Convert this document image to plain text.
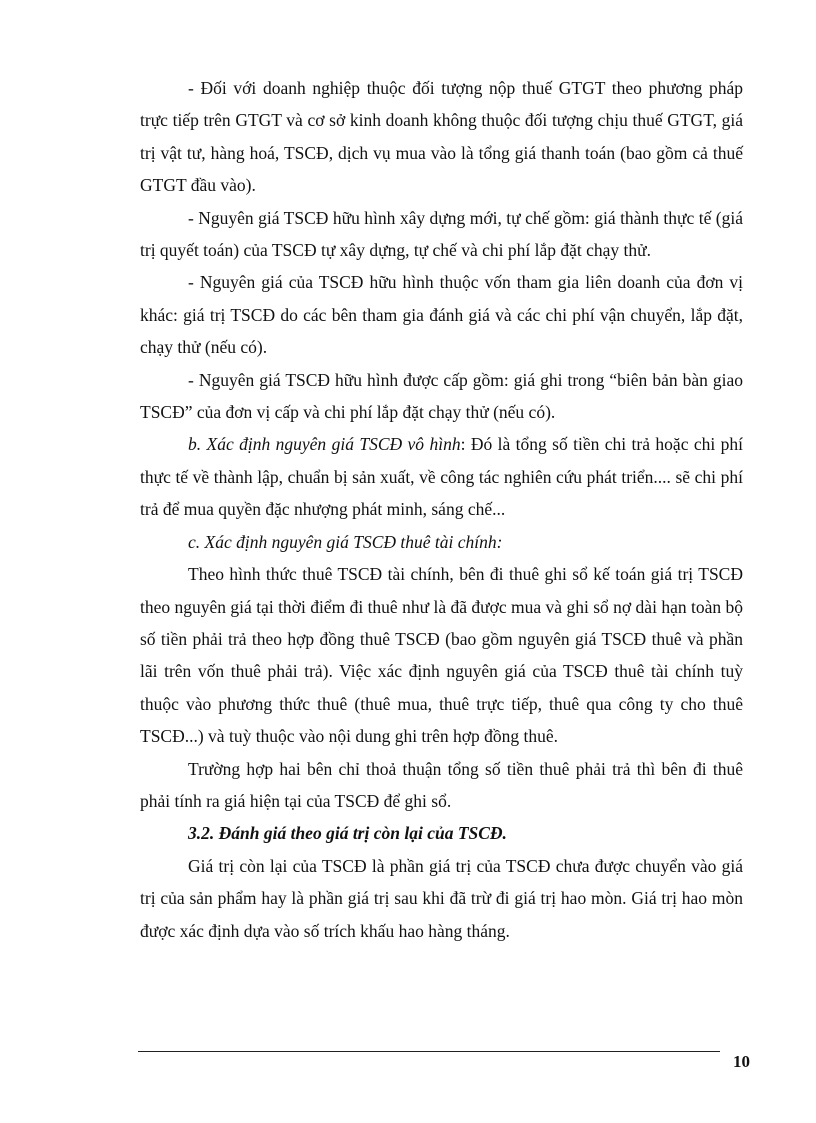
- Đối với doanh nghiệp thuộc đối tượng nộp thuế GTGT theo phương pháp trực tiếp trên GTGT và cơ sở kinh doanh không thuộc đối tượng chịu thuế GTGT, giá trị vật tư, hàng hoá, TSCĐ, dịch vụ mua vào là tổng giá thanh toán (bao gồm cả thuế GTGT đầu vào).

- Nguyên giá TSCĐ hữu hình xây dựng mới, tự chế gồm: giá thành thực tế (giá trị quyết toán) của TSCĐ tự xây dựng, tự chế và chi phí lắp đặt chạy thử.

- Nguyên giá của TSCĐ hữu hình thuộc vốn tham gia liên doanh của đơn vị khác: giá trị TSCĐ do các bên tham gia đánh giá và các chi phí vận chuyển, lắp đặt, chạy thử (nếu có).

- Nguyên giá TSCĐ hữu hình được cấp gồm: giá ghi trong “biên bản bàn giao TSCĐ” của đơn vị cấp và chi phí lắp đặt chạy thử (nếu có).

b. Xác định nguyên giá TSCĐ vô hình: Đó là tổng số tiền chi trả hoặc chi phí thực tế về thành lập, chuẩn bị sản xuất, về công tác nghiên cứu phát triển.... sẽ chi phí trả để mua quyền đặc nhượng phát minh, sáng chế...

c. Xác định nguyên giá TSCĐ thuê tài chính:

Theo hình thức thuê TSCĐ tài chính, bên đi thuê ghi sổ kế toán giá trị TSCĐ theo nguyên giá tại thời điểm đi thuê như là đã được mua và ghi sổ nợ dài hạn toàn bộ số tiền phải trả theo hợp đồng thuê TSCĐ (bao gồm nguyên giá TSCĐ thuê và phần lãi trên vốn thuê phải trả). Việc xác định nguyên giá của TSCĐ thuê tài chính tuỳ thuộc vào phương thức thuê (thuê mua, thuê trực tiếp, thuê qua công ty cho thuê TSCĐ...) và tuỳ thuộc vào nội dung ghi trên hợp đồng thuê.

Trường hợp hai bên chỉ thoả thuận tổng số tiền thuê phải trả thì bên đi thuê phải tính ra giá hiện tại của TSCĐ để ghi sổ.

3.2. Đánh giá theo giá trị còn lại của TSCĐ.

Giá trị còn lại của TSCĐ là phần giá trị của TSCĐ chưa được chuyển vào giá trị của sản phẩm hay là phần giá trị sau khi đã trừ đi giá trị hao mòn. Giá trị hao mòn được xác định dựa vào số trích khấu hao hàng tháng.

10
